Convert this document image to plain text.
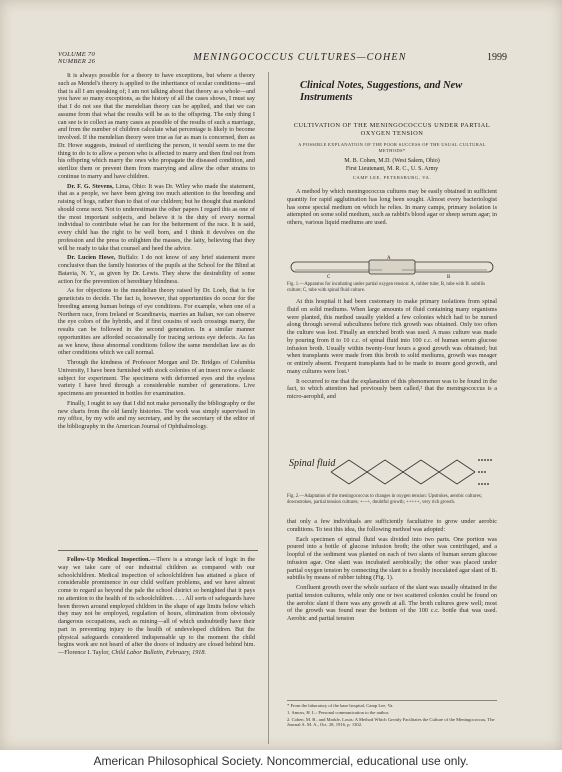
VOLUME 70
NUMBER 26	MENINGOCOCCUS CULTURES—COHEN	1999

It is always possible for a theory to have exceptions, but where a theory such as Mendel's theory is applied to the inheritance of ocular conditions—and that is all I am speaking of; I am not talking about that theory as a whole—and you have so many exceptions, as the history of all the cases shows, I must say that I do not see that the mendelian theory can be applied, and that we can assume from that what the results will be as to the offspring. The only thing I can see is to collect as many cases as possible of the results of such a marriage, and from the number of children calculate what percentage is likely to become involved. If the mendelian theory were true as far as man is concerned, then as Dr. Howe suggests, instead of sterilizing the person, it would seem to me the thing to do is to allow a person who is affected to marry and then find out from his offspring which marry the ones who propagate the diseased condition, and sterilize them or prevent them from marrying and allow the other strains to continue to marry and have children.

Dr. F. G. Stevens, Lima, Ohio: It was Dr. Wiley who made the statement, that as a people, we have been giving too much attention to the breeding and raising of hogs, rather than to that of our children; but he thought that mankind should come next. Not to underestimate the other papers I regard this as one of the most important subjects, and believe it is the duty of every normal individual to contribute what he can for the betterment of the race. It is said, every child has the right to be well born, and I think it devolves on the profession and the press to enlighten the masses, the laity, believing that they will be ready to take that counsel and heed the advice.

Dr. Lucien Howe, Buffalo: I do not know of any brief statement more conclusive than the family histories of the pupils at the School for the Blind at Batavia, N. Y., as given by Dr. Lewis. They show the desirability of some action for the prevention of hereditary blindness.

As for objections to the mendelian theory raised by Dr. Loeb, that is for geneticists to decide. The fact is, however, that opportunities do occur for the breeding among human beings of eye conditions. For example, when one of a Northern race, from Ireland or Scandinavia, marries an Italian, we can observe the eye colors of the hybrids, and if first cousins of such crossings marry, the results can be followed in the second generation. In a similar manner opportunities are afforded occasionally for tracing serious eye defects. As fas as we know, these abnormal conditions follow the same mendelian law as do other conditions which we call normal.

Through the kindness of Professor Morgan and Dr. Bridges of Columbia University, I have been furnished with stock colonies of an insect now a classic subject for experiment. The specimens with deformed eyes and the eyeless variety I have bred through a considerable number of generations. Live specimens are presented in bottles for examination.

Finally, I ought to say that I did not make personally the bibliography or the new charts from the old family histories. The work was simply supervised in my office, by my wife and my secretary, and by the secretary of the editor of the bibliography in the American Journal of Ophthalmology.

Follow-Up Medical Inspection.—There is a strange lack of logic in the way we take care of our industrial children as compared with our schoolchildren. Medical inspection of schoolchildren has attained a place of considerable prominence in our child welfare problems, and we have almost come to regard as beyond the pale the school district so benighted that it pays no attention to the health of its schoolchildren. . . . All sorts of safeguards have been thrown around employed children in the shape of age limits below which they may not be employed, regulation of hours, elimination from obviously dangerous occupations, such as mining—all of which undoubtedly have their part in preventing injury to the health of undeveloped children. But the physical safeguards considered indispensable up to the moment the child begins work are not heard of after the doors of industry are closed behind him.—Florence I. Taylor, Child Labor Bulletin, February, 1918.

Clinical Notes, Suggestions, and New Instruments
CULTIVATION OF THE MENINGOCOCCUS UNDER PARTIAL OXYGEN TENSION
A POSSIBLE EXPLANATION OF THE POOR SUCCESS OF THE USUAL CULTURAL METHODS*
M. B. Cohen, M.D. (West Salem, Ohio)
First Lieutenant, M. R. C., U. S. Army
CAMP LEE, PETERSBURG, VA.

A method by which meningococcus cultures may be easily obtained in sufficient quantity for rapid agglutination has long been sought. Almost every bacteriologist has some special medium on which he relies. In many camps, primary isolation is attempted on some solid medium, such as rabbit's blood agar or sheep serum agar; in others, various liquid mediums are used.

A
C	B
Fig. 1.—Apparatus for incubating under partial oxygen tension: A, rubber tube; B, tube with B. subtilis culture; C, tube with spinal fluid culture.

At this hospital it had been customary to make primary isolations from spinal fluid on solid mediums. When large amounts of fluid containing many organisms were planted, this method usually yielded a few colonies which had to be nursed along through several subcultures before rich growth was obtained. Only too often the culture was lost. Finally an enriched broth was used. A mass culture was made by pouring from 8 to 10 c.c. of spinal fluid into 100 c.c. of human serum glucose infusion broth. Usually within twenty-four hours a good growth was obtained; but when transplants were made from this broth to solid mediums, growth was meager or entirely absent. Frequent transplants had to be made to insure good growth, and many cultures were lost.¹

It occurred to me that the explanation of this phenomenon was to be found in the fact, to which attention had previously been called,² that the meningococcus is a micro-aerophil, and

Spinal fluid
Fig. 2.—Adaptation of the meningococcus to changes in oxygen tension: Upstrokes, aerobic cultures; downstrokes, partial tension cultures; +—+, doubtful growth; +++++, very rich growth.

that only a few individuals are sufficiently facultative to grow under aerobic conditions. To test this idea, the following method was adopted:

Each specimen of spinal fluid was divided into two parts. One portion was poured into a bottle of glucose infusion broth; the other was centrifuged, and a loopful of the sediment was planted on each of two slants of human serum glucose infusion agar. One slant was incubated aerobically; the other was placed under partial oxygen tension by connecting the slant to a freshly inoculated agar slant of B. subtilis by means of rubber tubing (Fig. 1).

Confluent growth over the whole surface of the slant was usually obtained in the partial tension cultures, while only one or two scattered colonies could be found on the aerobic slant if there was any growth at all. The broth cultures grew well; most of the growth was found near the bottom of the 100 c.c. bottle that was used. Aerobic and partial tension

* From the laboratory of the base hospital, Camp Lee, Va.
1. Amoss, H. L.: Personal communication to the author.
2. Cohen, M. B., and Markle, Louis: A Method Which Greatly Facilitates the Culture of the Meningococcus, The Journal A. M. A., Oct. 28, 1916, p. 1302.
American Philosophical Society. Noncommercial, educational use only.
